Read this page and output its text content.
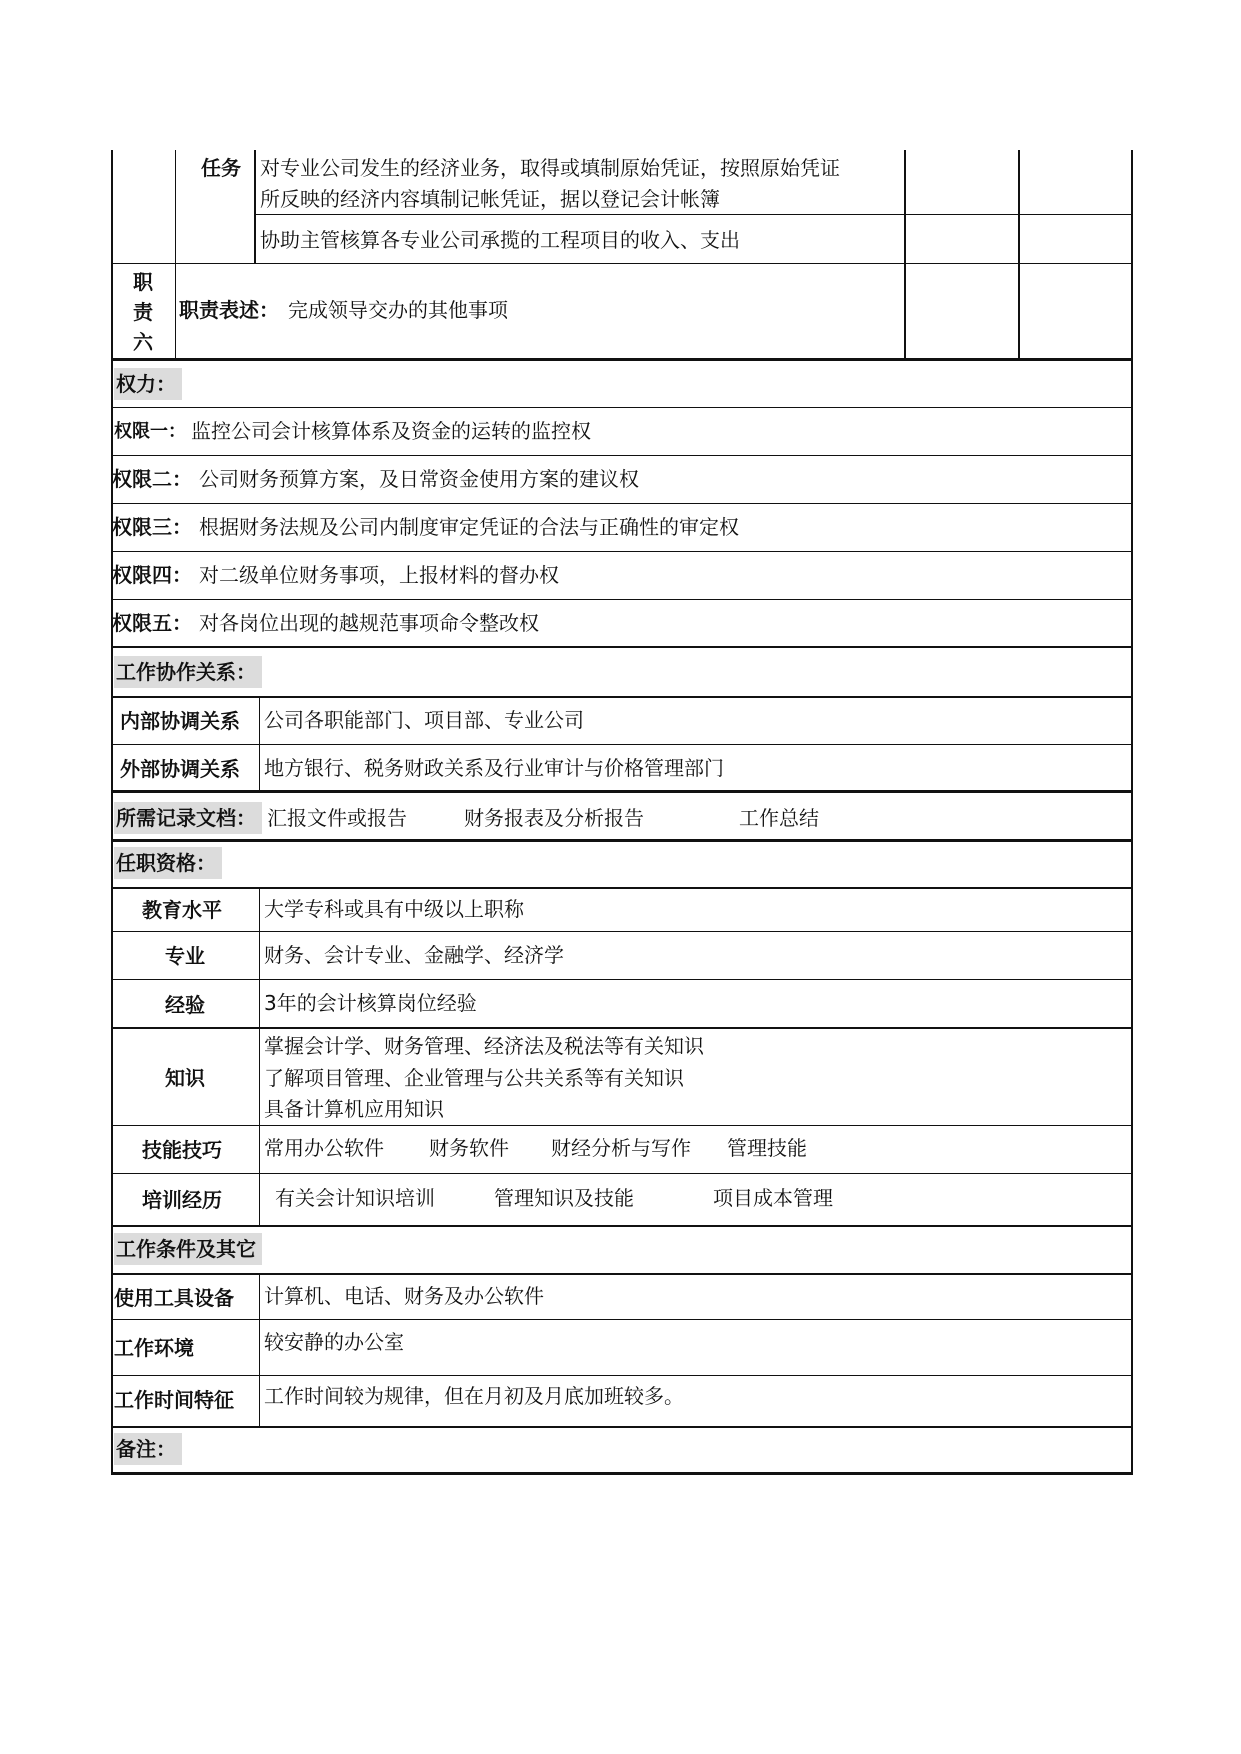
任务 对专业公司发生的经济业务，取得或填制原始凭证，按照原始凭证
所反映的经济内容填制记帐凭证，据以登记会计帐簿
协助主管核算各专业公司承揽的工程项目的收入、支出
职
责
六
职责表述： 完成领导交办的其他事项
权力：
权限一： 监控公司会计核算体系及资金的运转的监控权
权限二： 公司财务预算方案，及日常资金使用方案的建议权
权限三： 根据财务法规及公司内制度审定凭证的合法与正确性的审定权
权限四： 对二级单位财务事项，上报材料的督办权
权限五： 对各岗位出现的越规范事项命令整改权
工作协作关系：
内部协调关系 公司各职能部门、项目部、专业公司
外部协调关系 地方银行、税务财政关系及行业审计与价格管理部门
所需记录文档： 汇报文件或报告	财务报表及分析报告	工作总结
任职资格：
教育水平 大学专科或具有中级以上职称
专业	财务、会计专业、金融学、经济学
经验	3年的会计核算岗位经验
知识
掌握会计学、财务管理、经济法及税法等有关知识
了解项目管理、企业管理与公共关系等有关知识
具备计算机应用知识
技能技巧 常用办公软件 财务软件 财经分析与写作 管理技能
培训经历	有关会计知识培训	管理知识及技能	项目成本管理
工作条件及其它
使用工具设备 计算机、电话、财务及办公软件
工作环境	较安静的办公室
工作时间特征 工作时间较为规律，但在月初及月底加班较多。
备注：
